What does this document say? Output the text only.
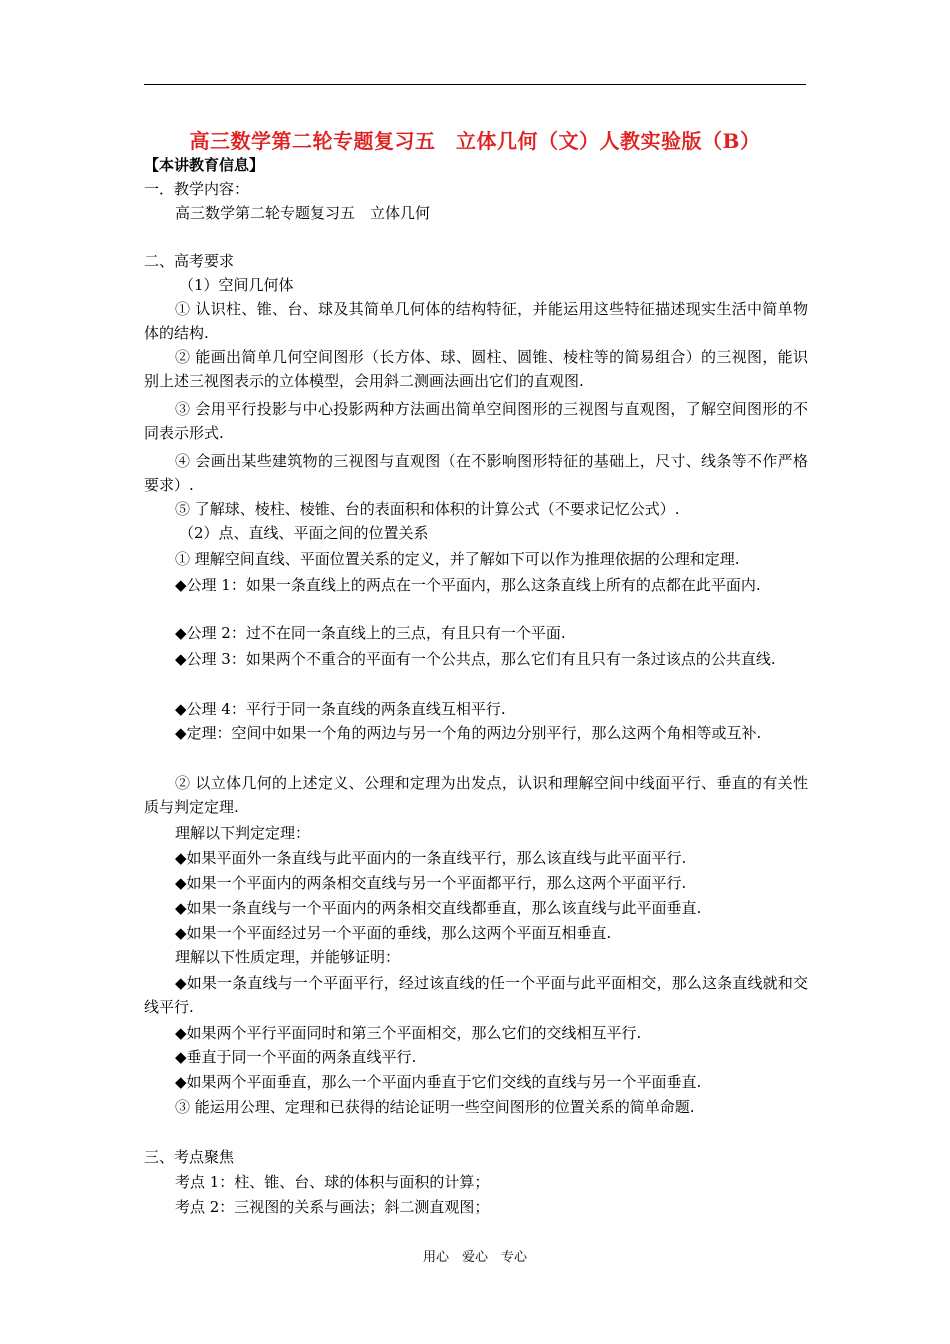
高三数学第二轮专题复习五　立体几何（文）人教实验版（B）
【本讲教育信息】
一．教学内容：
高三数学第二轮专题复习五　立体几何
二、高考要求
（1）空间几何体
① 认识柱、锥、台、球及其简单几何体的结构特征，并能运用这些特征描述现实生活中简单物体的结构.
② 能画出简单几何空间图形（长方体、球、圆柱、圆锥、棱柱等的简易组合）的三视图，能识别上述三视图表示的立体模型，会用斜二测画法画出它们的直观图.
③ 会用平行投影与中心投影两种方法画出简单空间图形的三视图与直观图，了解空间图形的不同表示形式.
④ 会画出某些建筑物的三视图与直观图（在不影响图形特征的基础上，尺寸、线条等不作严格要求）.
⑤ 了解球、棱柱、棱锥、台的表面积和体积的计算公式（不要求记忆公式）.
（2）点、直线、平面之间的位置关系
① 理解空间直线、平面位置关系的定义，并了解如下可以作为推理依据的公理和定理.
◆公理 1：如果一条直线上的两点在一个平面内，那么这条直线上所有的点都在此平面内.
◆公理 2：过不在同一条直线上的三点，有且只有一个平面.
◆公理 3：如果两个不重合的平面有一个公共点，那么它们有且只有一条过该点的公共直线.
◆公理 4：平行于同一条直线的两条直线互相平行.
◆定理：空间中如果一个角的两边与另一个角的两边分别平行，那么这两个角相等或互补.
② 以立体几何的上述定义、公理和定理为出发点，认识和理解空间中线面平行、垂直的有关性质与判定定理.
理解以下判定定理：
◆如果平面外一条直线与此平面内的一条直线平行，那么该直线与此平面平行.
◆如果一个平面内的两条相交直线与另一个平面都平行，那么这两个平面平行.
◆如果一条直线与一个平面内的两条相交直线都垂直，那么该直线与此平面垂直.
◆如果一个平面经过另一个平面的垂线，那么这两个平面互相垂直.
理解以下性质定理，并能够证明：
◆如果一条直线与一个平面平行，经过该直线的任一个平面与此平面相交，那么这条直线就和交线平行.
◆如果两个平行平面同时和第三个平面相交，那么它们的交线相互平行.
◆垂直于同一个平面的两条直线平行.
◆如果两个平面垂直，那么一个平面内垂直于它们交线的直线与另一个平面垂直.
③ 能运用公理、定理和已获得的结论证明一些空间图形的位置关系的简单命题.
三、考点聚焦
考点 1：柱、锥、台、球的体积与面积的计算；
考点 2：三视图的关系与画法；斜二测直观图；
用心　爱心　专心
